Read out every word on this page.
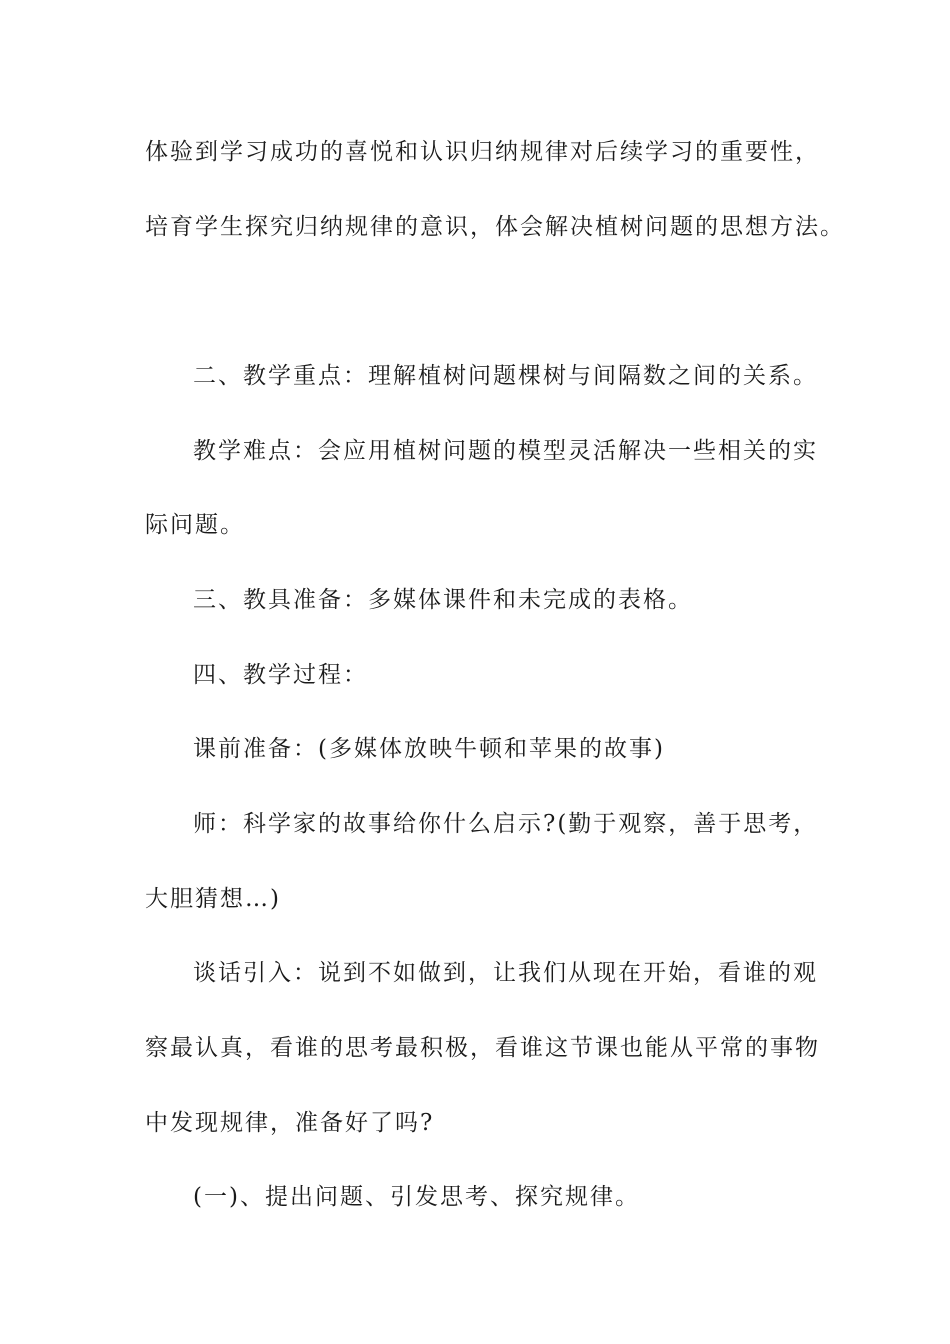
体验到学习成功的喜悦和认识归纳规律对后续学习的重要性，
培育学生探究归纳规律的意识，体会解决植树问题的思想方法。
二、教学重点：理解植树问题棵树与间隔数之间的关系。
教学难点：会应用植树问题的模型灵活解决一些相关的实
际问题。
三、教具准备：多媒体课件和未完成的表格。
四、教学过程：
课前准备：(多媒体放映牛顿和苹果的故事)
师：科学家的故事给你什么启示?(勤于观察，善于思考，
大胆猜想…)
谈话引入：说到不如做到，让我们从现在开始，看谁的观
察最认真，看谁的思考最积极，看谁这节课也能从平常的事物
中发现规律，准备好了吗?
(一)、提出问题、引发思考、探究规律。
